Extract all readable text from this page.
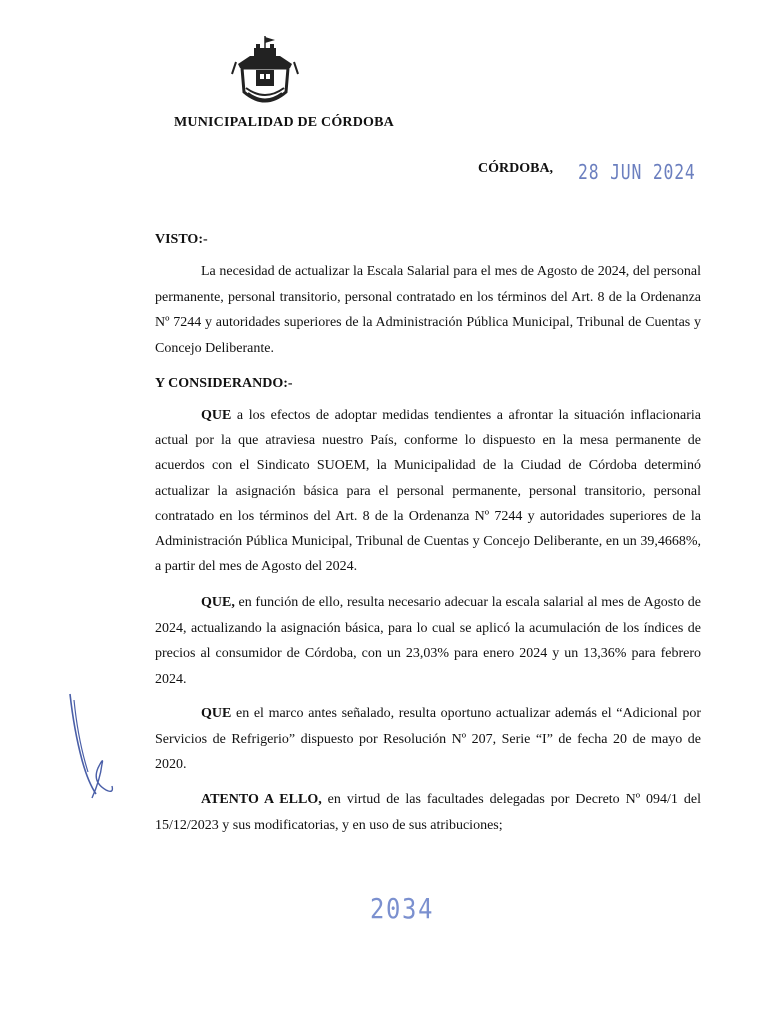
MUNICIPALIDAD DE CÓRDOBA
CÓRDOBA, 28 JUN 2024
VISTO:-

La necesidad de actualizar la Escala Salarial para el mes de Agosto de 2024, del personal permanente, personal transitorio, personal contratado en los términos del Art. 8 de la Ordenanza Nº 7244 y autoridades superiores de la Administración Pública Municipal, Tribunal de Cuentas y Concejo Deliberante.

Y CONSIDERANDO:-

QUE a los efectos de adoptar medidas tendientes a afrontar la situación inflacionaria actual por la que atraviesa nuestro País, conforme lo dispuesto en la mesa permanente de acuerdos con el Sindicato SUOEM, la Municipalidad de la Ciudad de Córdoba determinó actualizar la asignación básica para el personal permanente, personal transitorio, personal contratado en los términos del Art. 8 de la Ordenanza Nº 7244 y autoridades superiores de la Administración Pública Municipal, Tribunal de Cuentas y Concejo Deliberante, en un 39,4668%, a partir del mes de Agosto del 2024.

QUE, en función de ello, resulta necesario adecuar la escala salarial al mes de Agosto de 2024, actualizando la asignación básica, para lo cual se aplicó la acumulación de los índices de precios al consumidor de Córdoba, con un 23,03% para enero 2024 y un 13,36% para febrero 2024.

QUE en el marco antes señalado, resulta oportuno actualizar además el “Adicional por Servicios de Refrigerio” dispuesto por Resolución Nº 207, Serie “I” de fecha 20 de mayo de 2020.

ATENTO A ELLO, en virtud de las facultades delegadas por Decreto Nº 094/1 del 15/12/2023 y sus modificatorias, y en uso de sus atribuciones;

2034
